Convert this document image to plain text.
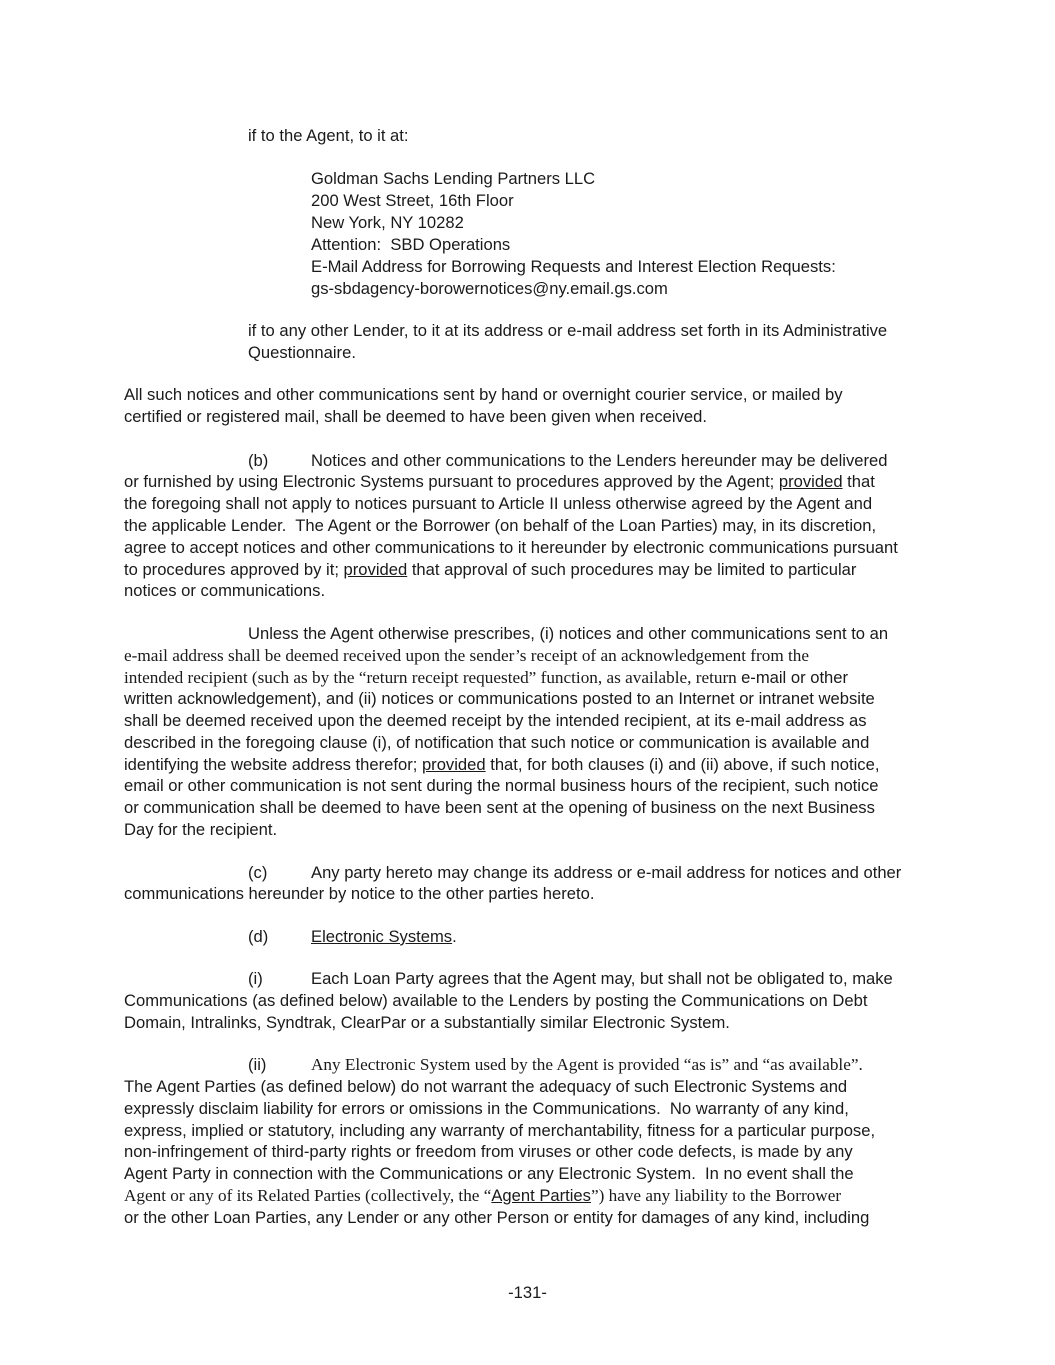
if to the Agent, to it at:
Goldman Sachs Lending Partners LLC
200 West Street, 16th Floor
New York, NY 10282
Attention:  SBD Operations
E-Mail Address for Borrowing Requests and Interest Election Requests:
gs-sbdagency-borowernotices@ny.email.gs.com
if to any other Lender, to it at its address or e-mail address set forth in its Administrative
Questionnaire.
All such notices and other communications sent by hand or overnight courier service, or mailed by
certified or registered mail, shall be deemed to have been given when received.
(b)	Notices and other communications to the Lenders hereunder may be delivered
or furnished by using Electronic Systems pursuant to procedures approved by the Agent; provided that
the foregoing shall not apply to notices pursuant to Article II unless otherwise agreed by the Agent and
the applicable Lender.  The Agent or the Borrower (on behalf of the Loan Parties) may, in its discretion,
agree to accept notices and other communications to it hereunder by electronic communications pursuant
to procedures approved by it; provided that approval of such procedures may be limited to particular
notices or communications.
Unless the Agent otherwise prescribes, (i) notices and other communications sent to an
e-mail address shall be deemed received upon the sender’s receipt of an acknowledgement from the
intended recipient (such as by the “return receipt requested” function, as available, return e-mail or other
written acknowledgement), and (ii) notices or communications posted to an Internet or intranet website
shall be deemed received upon the deemed receipt by the intended recipient, at its e-mail address as
described in the foregoing clause (i), of notification that such notice or communication is available and
identifying the website address therefor; provided that, for both clauses (i) and (ii) above, if such notice,
email or other communication is not sent during the normal business hours of the recipient, such notice
or communication shall be deemed to have been sent at the opening of business on the next Business
Day for the recipient.
(c)	Any party hereto may change its address or e-mail address for notices and other
communications hereunder by notice to the other parties hereto.
(d)	Electronic Systems.
(i)	Each Loan Party agrees that the Agent may, but shall not be obligated to, make
Communications (as defined below) available to the Lenders by posting the Communications on Debt
Domain, Intralinks, Syndtrak, ClearPar or a substantially similar Electronic System.
(ii)	Any Electronic System used by the Agent is provided “as is” and “as available”.
The Agent Parties (as defined below) do not warrant the adequacy of such Electronic Systems and
expressly disclaim liability for errors or omissions in the Communications.  No warranty of any kind,
express, implied or statutory, including any warranty of merchantability, fitness for a particular purpose,
non-infringement of third-party rights or freedom from viruses or other code defects, is made by any
Agent Party in connection with the Communications or any Electronic System.  In no event shall the
Agent or any of its Related Parties (collectively, the “Agent Parties”) have any liability to the Borrower
or the other Loan Parties, any Lender or any other Person or entity for damages of any kind, including
-131-
